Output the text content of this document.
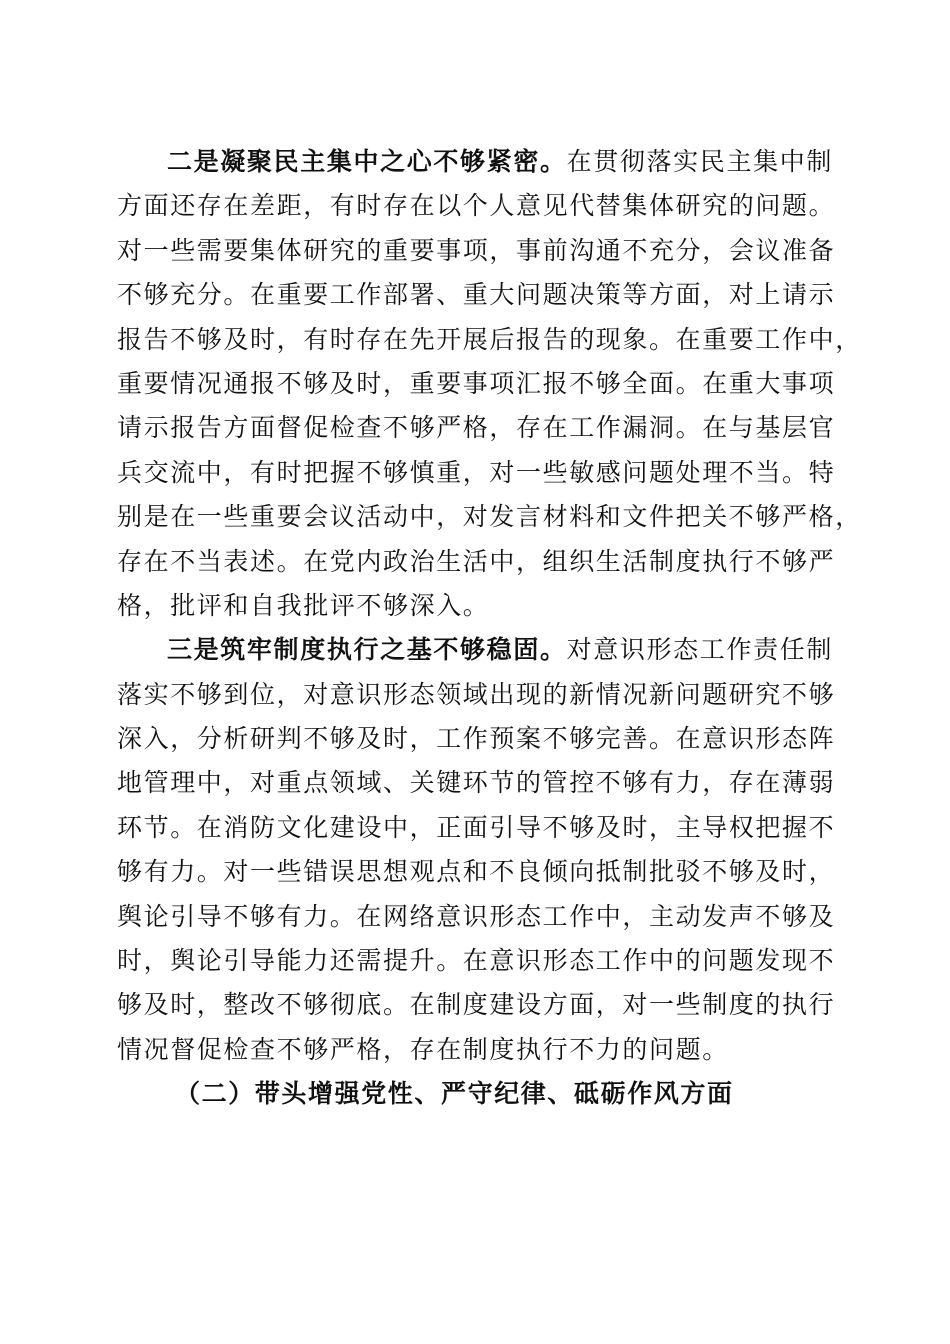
二是凝聚民主集中之心不够紧密。在贯彻落实民主集中制
方面还存在差距，有时存在以个人意见代替集体研究的问题。
对一些需要集体研究的重要事项，事前沟通不充分，会议准备
不够充分。在重要工作部署、重大问题决策等方面，对上请示
报告不够及时，有时存在先开展后报告的现象。在重要工作中，
重要情况通报不够及时，重要事项汇报不够全面。在重大事项
请示报告方面督促检查不够严格，存在工作漏洞。在与基层官
兵交流中，有时把握不够慎重，对一些敏感问题处理不当。特
别是在一些重要会议活动中，对发言材料和文件把关不够严格，
存在不当表述。在党内政治生活中，组织生活制度执行不够严
格，批评和自我批评不够深入。
三是筑牢制度执行之基不够稳固。对意识形态工作责任制
落实不够到位，对意识形态领域出现的新情况新问题研究不够
深入，分析研判不够及时，工作预案不够完善。在意识形态阵
地管理中，对重点领域、关键环节的管控不够有力，存在薄弱
环节。在消防文化建设中，正面引导不够及时，主导权把握不
够有力。对一些错误思想观点和不良倾向抵制批驳不够及时，
舆论引导不够有力。在网络意识形态工作中，主动发声不够及
时，舆论引导能力还需提升。在意识形态工作中的问题发现不
够及时，整改不够彻底。在制度建设方面，对一些制度的执行
情况督促检查不够严格，存在制度执行不力的问题。
（二）带头增强党性、严守纪律、砥砺作风方面
